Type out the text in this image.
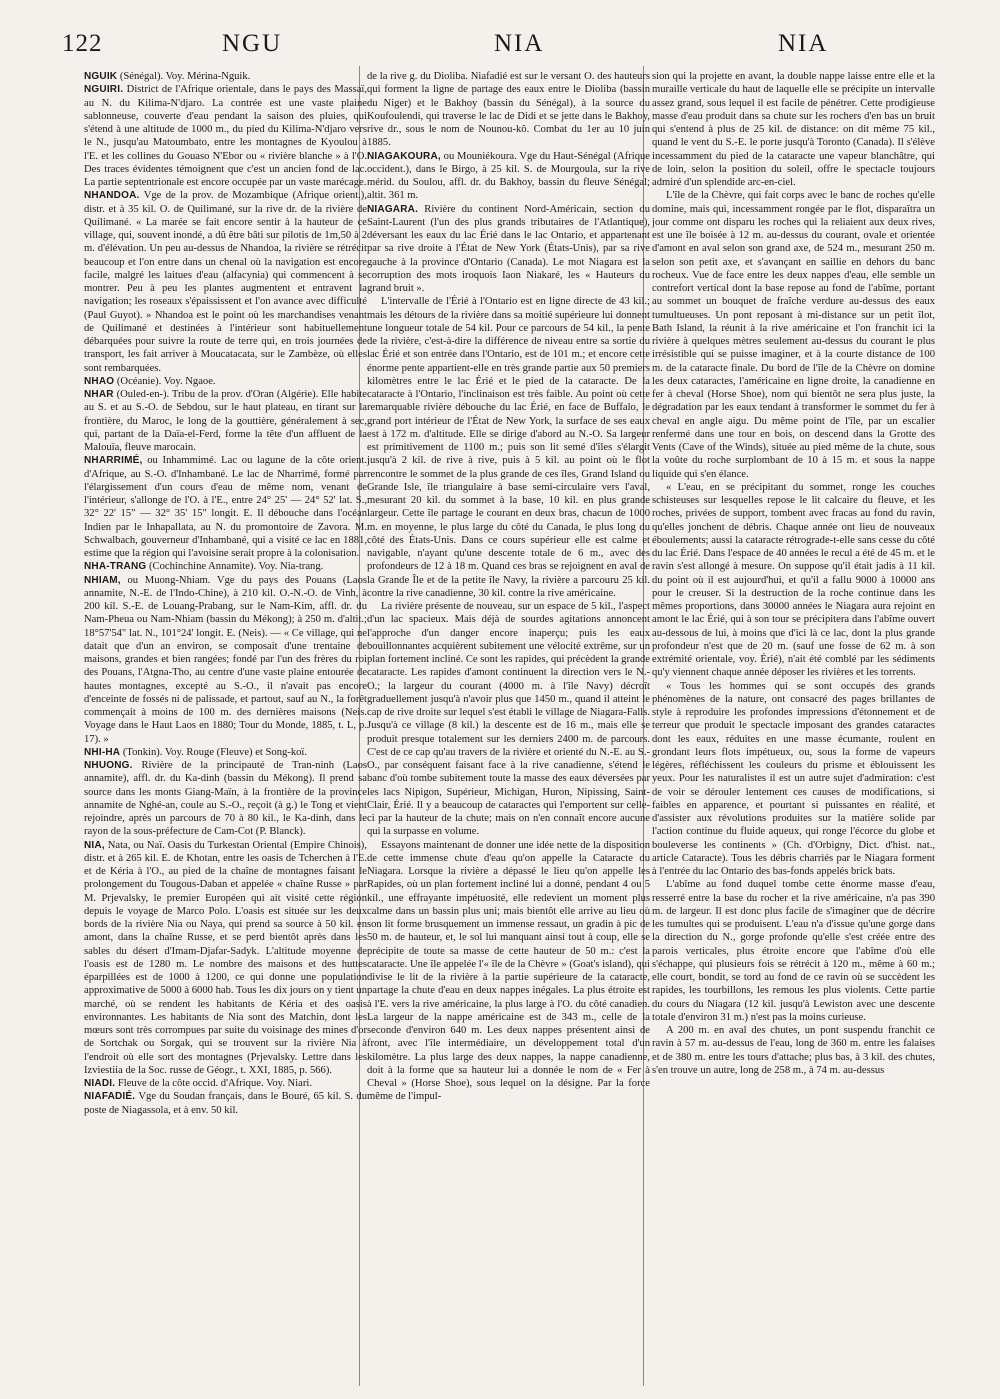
122	NGU	NIA	NIA

NGUIK (Sénégal). Voy. Mérina-Nguik.

NGUIRI. District de l'Afrique orientale, dans le pays des Massaï, au N. du Kilima-N'djaro. La contrée est une vaste plaine sablonneuse, couverte d'eau pendant la saison des pluies, qui s'étend à une altitude de 1000 m., du pied du Kilima-N'djaro vers le N., jusqu'au Matoumbato, entre les montagnes de Kyoulou à l'E. et les collines du Gouaso N'Ebor ou « rivière blanche » à l'O. Des traces évidentes témoignent que c'est un ancien fond de lac. La partie septentrionale est encore occupée par un vaste marécage.

NHANDOA. Vge de la prov. de Mozambique (Afrique orient.), distr. et à 35 kil. O. de Quilimané, sur la rive dr. de la rivière de Quilimané. « La marée se fait encore sentir à la hauteur de ce village, qui, souvent inondé, a dû être bâti sur pilotis de 1m,50 à 2 m. d'élévation. Un peu au-dessus de Nhandoa, la rivière se rétrécit beaucoup et l'on entre dans un chenal où la navigation est encore facile, malgré les laitues d'eau (alfacynia) qui commencent à se montrer. Peu à peu les plantes augmentent et entravent la navigation; les roseaux s'épaississent et l'on avance avec difficulté (Paul Guyot). » Nhandoa est le point où les marchandises venant de Quilimané et destinées à l'intérieur sont habituellement débarquées pour suivre la route de terre qui, en trois journées de transport, les fait arriver à Moucatacata, sur le Zambèze, où elles sont rembarquées.

NHAO (Océanie). Voy. Ngaoe.

NHAR (Ouled-en-). Tribu de la prov. d'Oran (Algérie). Elle habite au S. et au S.-O. de Sebdou, sur le haut plateau, en tirant sur la frontière, du Maroc, le long de la gouttière, généralement à sec, qui, partant de la Daïa-el-Ferd, forme la tête d'un affluent de la Malouïa, fleuve marocain.

NHARRIMÉ, ou Inhammimé. Lac ou lagune de la côte orient. d'Afrique, au S.-O. d'Inhambané. Le lac de Nharrimé, formé par l'élargissement d'un cours d'eau de même nom, venant de l'intérieur, s'allonge de l'O. à l'E., entre 24° 25' — 24° 52' lat. S., 32° 22' 15" — 32° 35' 15" longit. E. Il débouche dans l'océan Indien par le Inhapallata, au N. du promontoire de Zavora. M. Schwalbach, gouverneur d'Inhambané, qui a visité ce lac en 1881, estime que la région qui l'avoisine serait propre à la colonisation.

NHA-TRANG (Cochinchine Annamite). Voy. Nia-trang.

NHIAM, ou Muong-Nhiam. Vge du pays des Pouans (Laos annamite, N.-E. de l'Indo-Chine), à 210 kil. O.-N.-O. de Vinh, à 200 kil. S.-E. de Louang-Prabang, sur le Nam-Kim, affl. dr. du Nam-Pheua ou Nam-Nhiam (bassin du Mékong); à 250 m. d'altit.; 18°57'54" lat. N., 101°24' longit. E. (Neis). — « Ce village, qui ne datait que d'un an environ, se composait d'une trentaine de maisons, grandes et bien rangées; fondé par l'un des frères du roi des Pouans, l'Atgna-Tho, au centre d'une vaste plaine entourée de hautes montagnes, excepté au S.-O., il n'avait pas encore d'enceinte de fossés ni de palissade, et partout, sauf au N., la forêt commençait à moins de 100 m. des dernières maisons (Neis. Voyage dans le Haut Laos en 1880; Tour du Monde, 1885, t. L, p. 17). »

NHI-HA (Tonkin). Voy. Rouge (Fleuve) et Song-koï.

NHUONG. Rivière de la principauté de Tran-ninh (Laos annamite), affl. dr. du Ka-dinh (bassin du Mékong). Il prend sa source dans les monts Giang-Maïn, à la frontière de la province annamite de Nghé-an, coule au S.-O., reçoit (à g.) le Tong et vient rejoindre, après un parcours de 70 à 80 kil., le Ka-dinh, dans le rayon de la sous-préfecture de Cam-Cot (P. Blanck).

NIA, Nata, ou Naï. Oasis du Turkestan Oriental (Empire Chinois), distr. et à 265 kil. E. de Khotan, entre les oasis de Tcherchen à l'E. et de Kéria à l'O., au pied de la chaîne de montagnes faisant le prolongement du Tougous-Daban et appelée « chaîne Russe » par M. Prjevalsky, le premier Européen qui ait visité cette région depuis le voyage de Marco Polo. L'oasis est située sur les deux bords de la rivière Nia ou Naya, qui prend sa source à 50 kil. en amont, dans la chaîne Russe, et se perd bientôt après dans les sables du désert d'Imam-Djafar-Sadyk. L'altitude moyenne de l'oasis est de 1280 m. Le nombre des maisons et des huttes éparpillées est de 1000 à 1200, ce qui donne une population approximative de 5000 à 6000 hab. Tous les dix jours on y tient un marché, où se rendent les habitants de Kéria et des oasis environnantes. Les habitants de Nia sont des Matchin, dont les mœurs sont très corrompues par suite du voisinage des mines d'or de Sortchak ou Sorgak, qui se trouvent sur la rivière Nia à l'endroit où elle sort des montagnes (Prjevalsky. Lettre dans les Izviestiia de la Soc. russe de Géogr., t. XXI, 1885, p. 566).

NIADI. Fleuve de la côte occid. d'Afrique. Voy. Niari.

NIAFADIÉ. Vge du Soudan français, dans le Bouré, 65 kil. S. du poste de Niagassola, et à env. 50 kil.

de la rive g. du Dioliba. Niafadié est sur le versant O. des hauteurs qui forment la ligne de partage des eaux entre le Dioliba (bassin du Niger) et le Bakhoy (bassin du Sénégal), à la source du Koufoulendi, qui traverse le lac de Didi et se jette dans le Bakhoy, rive dr., sous le nom de Nounou-kô. Combat du 1er au 10 juin 1885.

NIAGAKOURA, ou Mouniékoura. Vge du Haut-Sénégal (Afrique occident.), dans le Birgo, à 25 kil. S. de Mourgoula, sur la rive mérid. du Soulou, affl. dr. du Bakhoy, bassin du fleuve Sénégal; altit. 361 m.

NIAGARA. Rivière du continent Nord-Américain, section du Saint-Laurent (l'un des plus grands tributaires de l'Atlantique), déversant les eaux du lac Érié dans le lac Ontario, et appartenant par sa rive droite à l'État de New York (États-Unis), par sa rive gauche à la province d'Ontario (Canada). Le mot Niagara est la corruption des mots iroquois Iaon Niakaré, les « Hauteurs du grand bruit ».

L'intervalle de l'Érié à l'Ontario est en ligne directe de 43 kil.; mais les détours de la rivière dans sa moitié supérieure lui donnent une longueur totale de 54 kil. Pour ce parcours de 54 kil., la pente de la rivière, c'est-à-dire la différence de niveau entre sa sortie du lac Érié et son entrée dans l'Ontario, est de 101 m.; et encore cette énorme pente appartient-elle en très grande partie aux 50 premiers kilomètres entre le lac Érié et le pied de la cataracte. De la cataracte à l'Ontario, l'inclinaison est très faible. Au point où cette remarquable rivière débouche du lac Érié, en face de Buffalo, le grand port intérieur de l'État de New York, la surface de ses eaux est à 172 m. d'altitude. Elle se dirige d'abord au N.-O. Sa largeur est primitivement de 1100 m.; puis son lit semé d'îles s'élargit jusqu'à 2 kil. de rive à rive, puis à 5 kil. au point où le flot rencontre le sommet de la plus grande de ces îles, Grand Island ou Grande Isle, île triangulaire à base semi-circulaire vers l'aval, mesurant 20 kil. du sommet à la base, 10 kil. en plus grande largeur. Cette île partage le courant en deux bras, chacun de 1000 m. en moyenne, le plus large du côté du Canada, le plus long du côté des États-Unis. Dans ce cours supérieur elle est calme et navigable, n'ayant qu'une descente totale de 6 m., avec des profondeurs de 12 à 18 m. Quand ces bras se rejoignent en aval de la Grande Île et de la petite île Navy, la rivière a parcouru 25 kil. contre la rive canadienne, 30 kil. contre la rive américaine.

La rivière présente de nouveau, sur un espace de 5 kil., l'aspect d'un lac spacieux. Mais déjà de sourdes agitations annoncent l'approche d'un danger encore inaperçu; puis les eaux bouillonnantes acquièrent subitement une vélocité extrême, sur un plan fortement incliné. Ce sont les rapides, qui précèdent la grande cataracte. Les rapides d'amont continuent la direction vers le N.-O.; la largeur du courant (4000 m. à l'île Navy) décroît graduellement jusqu'à n'avoir plus que 1450 m., quand il atteint le cap de rive droite sur lequel s'est établi le village de Niagara-Falls. Jusqu'à ce village (8 kil.) la descente est de 16 m., mais elle se produit presque totalement sur les derniers 2400 m. de parcours. C'est de ce cap qu'au travers de la rivière et orienté du N.-E. au S.-O., par conséquent faisant face à la rive canadienne, s'étend le banc d'où tombe subitement toute la masse des eaux déversées par les lacs Nipigon, Supérieur, Michigan, Huron, Nipissing, Saint-Clair, Érié. Il y a beaucoup de cataractes qui l'emportent sur celle-ci par la hauteur de la chute; mais on n'en connaît encore aucune qui la surpasse en volume.

Essayons maintenant de donner une idée nette de la disposition de cette immense chute d'eau qu'on appelle la Cataracte du Niagara. Lorsque la rivière a dépassé le lieu qu'on appelle les Rapides, où un plan fortement incliné lui a donné, pendant 4 ou 5 kil., une effrayante impétuosité, elle redevient un moment plus calme dans un bassin plus uni; mais bientôt elle arrive au lieu où son lit forme brusquement un immense ressaut, un gradin à pic de 50 m. de hauteur, et, le sol lui manquant ainsi tout à coup, elle se précipite de toute sa masse de cette hauteur de 50 m.: c'est la cataracte. Une île appelée l'« île de la Chèvre » (Goat's island), qui divise le lit de la rivière à la partie supérieure de la cataracte, partage la chute d'eau en deux nappes inégales. La plus étroite est à l'E. vers la rive américaine, la plus large à l'O. du côté canadien. La largeur de la nappe américaine est de 343 m., celle de la seconde d'environ 640 m. Les deux nappes présentent ainsi de front, avec l'île intermédiaire, un développement total d'un kilomètre. La plus large des deux nappes, la nappe canadienne, doit à la forme que sa hauteur lui a donnée le nom de « Fer à Cheval » (Horse Shoe), sous lequel on la désigne. Par la force même de l'impul-

sion qui la projette en avant, la double nappe laisse entre elle et la muraille verticale du haut de laquelle elle se précipite un intervalle assez grand, sous lequel il est facile de pénétrer. Cette prodigieuse masse d'eau produit dans sa chute sur les rochers d'en bas un bruit qui s'entend à plus de 25 kil. de distance: on dit même 75 kil., quand le vent du S.-E. le porte jusqu'à Toronto (Canada). Il s'élève incessamment du pied de la cataracte une vapeur blanchâtre, qui de loin, selon la position du soleil, offre le spectacle toujours admiré d'un splendide arc-en-ciel.

L'île de la Chèvre, qui fait corps avec le banc de roches qu'elle domine, mais qui, incessamment rongée par le flot, disparaîtra un jour comme ont disparu les roches qui la reliaient aux deux rives, est une île boisée à 12 m. au-dessus du courant, ovale et orientée d'amont en aval selon son grand axe, de 524 m., mesurant 250 m. selon son petit axe, et s'avançant en saillie en dehors du banc rocheux. Vue de face entre les deux nappes d'eau, elle semble un contrefort vertical dont la base repose au fond de l'abîme, portant au sommet un bouquet de fraîche verdure au-dessus des eaux tumultueuses. Un pont reposant à mi-distance sur un petit îlot, Bath Island, la réunit à la rive américaine et l'on franchit ici la rivière à quelques mètres seulement au-dessus du courant le plus irrésistible qui se puisse imaginer, et à la courte distance de 100 m. de la cataracte finale. Du bord de l'île de la Chèvre on domine les deux cataractes, l'américaine en ligne droite, la canadienne en fer à cheval (Horse Shoe), nom qui bientôt ne sera plus juste, la dégradation par les eaux tendant à transformer le sommet du fer à cheval en angle aigu. Du même point de l'île, par un escalier renfermé dans une tour en bois, on descend dans la Grotte des Vents (Cave of the Winds), située au pied même de la chute, sous la voûte du roche surplombant de 10 à 15 m. et sous la nappe liquide qui s'en élance.

« L'eau, en se précipitant du sommet, ronge les couches schisteuses sur lesquelles repose le lit calcaire du fleuve, et les roches, privées de support, tombent avec fracas au fond du ravin, qu'elles jonchent de débris. Chaque année ont lieu de nouveaux éboulements; aussi la cataracte rétrograde-t-elle sans cesse du côté du lac Érié. Dans l'espace de 40 années le recul a été de 45 m. et le ravin s'est allongé à mesure. On suppose qu'il était jadis à 11 kil. du point où il est aujourd'hui, et qu'il a fallu 9000 à 10000 ans pour le creuser. Si la destruction de la roche continue dans les mêmes proportions, dans 30000 années le Niagara aura rejoint en amont le lac Érié, qui à son tour se précipitera dans l'abîme ouvert au-dessous de lui, à moins que d'ici là ce lac, dont la plus grande profondeur n'est que de 20 m. (sauf une fosse de 62 m. à son extrémité orientale, voy. Érié), n'ait été comblé par les sédiments qu'y viennent chaque année déposer les rivières et les torrents.

« Tous les hommes qui se sont occupés des grands phénomènes de la nature, ont consacré des pages brillantes de style à reproduire les profondes impressions d'étonnement et de terreur que produit le spectacle imposant des grandes cataractes dont les eaux, réduites en une masse écumante, roulent en grondant leurs flots impétueux, ou, sous la forme de vapeurs légères, réfléchissent les couleurs du prisme et éblouissent les yeux. Pour les naturalistes il est un autre sujet d'admiration: c'est de voir se dérouler lentement ces causes de modifications, si faibles en apparence, et pourtant si puissantes en réalité, et d'assister aux révolutions produites sur la matière solide par l'action continue du fluide aqueux, qui ronge l'écorce du globe et bouleverse les continents » (Ch. d'Orbigny, Dict. d'hist. nat., article Cataracte). Tous les débris charriés par le Niagara forment à l'entrée du lac Ontario des bas-fonds appelés brick bats.

L'abîme au fond duquel tombe cette énorme masse d'eau, resserré entre la base du rocher et la rive américaine, n'a pas 390 m. de largeur. Il est donc plus facile de s'imaginer que de décrire les tumultes qui se produisent. L'eau n'a d'issue qu'une gorge dans la direction du N., gorge profonde qu'elle s'est créée entre des parois verticales, plus étroite encore que l'abîme d'où elle s'échappe, qui plusieurs fois se rétrécit à 120 m., même à 60 m.; elle court, bondit, se tord au fond de ce ravin où se succèdent les rapides, les tourbillons, les remous les plus violents. Cette partie du cours du Niagara (12 kil. jusqu'à Lewiston avec une descente totale d'environ 31 m.) n'est pas la moins curieuse.

A 200 m. en aval des chutes, un pont suspendu franchit ce ravin à 57 m. au-dessus de l'eau, long de 360 m. entre les falaises et de 380 m. entre les tours d'attache; plus bas, à 3 kil. des chutes, s'en trouve un autre, long de 258 m., à 74 m. au-dessus
